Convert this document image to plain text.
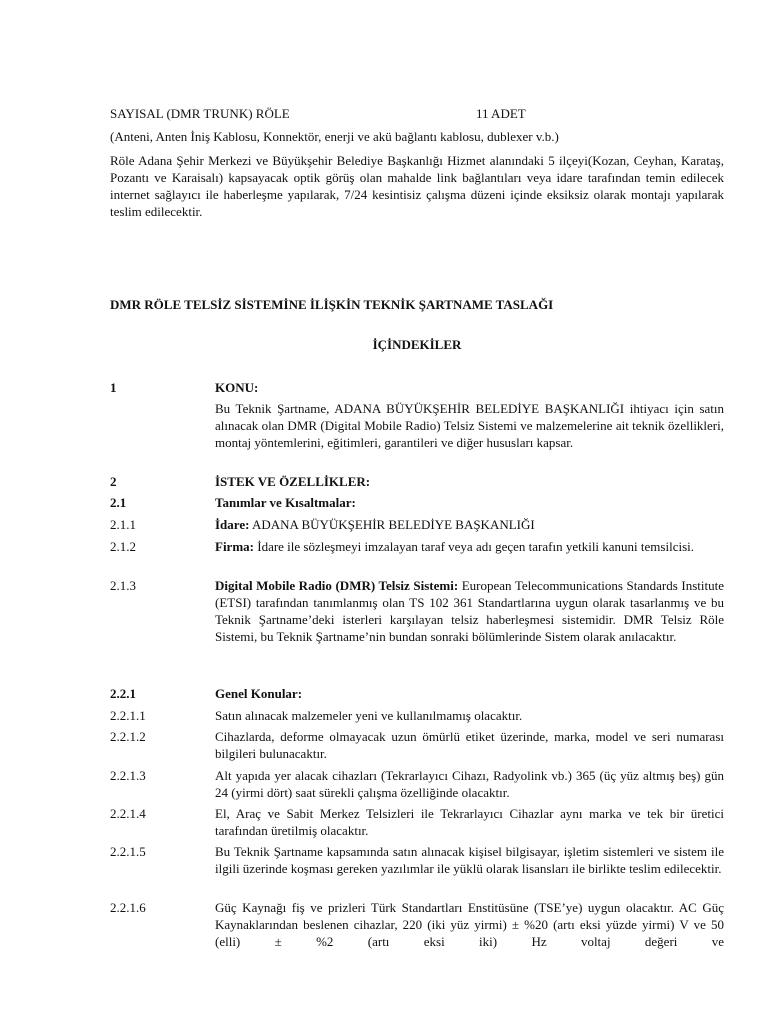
SAYISAL (DMR TRUNK) RÖLE	11 ADET
(Anteni, Anten İniş Kablosu, Konnektör, enerji ve akü bağlantı kablosu, dublexer v.b.)
Röle Adana Şehir Merkezi ve Büyükşehir Belediye Başkanlığı Hizmet alanındaki 5 ilçeyi(Kozan, Ceyhan, Karataş, Pozantı ve Karaisalı) kapsayacak optik görüş olan mahalde link bağlantıları veya idare tarafından temin edilecek internet sağlayıcı ile haberleşme yapılarak, 7/24 kesintisiz çalışma düzeni içinde eksiksiz olarak montajı yapılarak teslim edilecektir.
DMR RÖLE TELSİZ SİSTEMİNE İLİŞKİN TEKNİK ŞARTNAME TASLAĞI
İÇİNDEKİLER
1	KONU:
Bu Teknik Şartname, ADANA BÜYÜKŞEHİR BELEDİYE BAŞKANLIĞI ihtiyacı için satın alınacak olan DMR (Digital Mobile Radio) Telsiz Sistemi ve malzemelerine ait teknik özellikleri, montaj yöntemlerini, eğitimleri, garantileri ve diğer hususları kapsar.
2	İSTEK VE ÖZELLİKLER:
2.1	Tanımlar ve Kısaltmalar:
2.1.1	İdare: ADANA BÜYÜKŞEHİR BELEDİYE BAŞKANLIĞI
2.1.2	Firma: İdare ile sözleşmeyi imzalayan taraf veya adı geçen tarafın yetkili kanuni temsilcisi.
2.1.3	Digital Mobile Radio (DMR) Telsiz Sistemi: European Telecommunications Standards Institute (ETSI) tarafından tanımlanmış olan TS 102 361 Standartlarına uygun olarak tasarlanmış ve bu Teknik Şartname’deki isterleri karşılayan telsiz haberleşmesi sistemidir. DMR Telsiz Röle Sistemi, bu Teknik Şartname’nin bundan sonraki bölümlerinde Sistem olarak anılacaktır.
2.2.1	Genel Konular:
2.2.1.1	Satın alınacak malzemeler yeni ve kullanılmamış olacaktır.
2.2.1.2	Cihazlarda, deforme olmayacak uzun ömürlü etiket üzerinde, marka, model ve seri numarası bilgileri bulunacaktır.
2.2.1.3	Alt yapıda yer alacak cihazları (Tekrarlayıcı Cihazı, Radyolink vb.) 365 (üç yüz altmış beş) gün 24 (yirmi dört) saat sürekli çalışma özelliğinde olacaktır.
2.2.1.4	El, Araç ve Sabit Merkez Telsizleri ile Tekrarlayıcı Cihazlar aynı marka ve tek bir üretici tarafından üretilmiş olacaktır.
2.2.1.5	Bu Teknik Şartname kapsamında satın alınacak kişisel bilgisayar, işletim sistemleri ve sistem ile ilgili üzerinde koşması gereken yazılımlar ile yüklü olarak lisansları ile birlikte teslim edilecektir.
2.2.1.6	Güç Kaynağı fiş ve prizleri Türk Standartları Enstitüsüne (TSE’ye) uygun olacaktır. AC Güç Kaynaklarından beslenen cihazlar, 220 (iki yüz yirmi) ± %20 (artı eksi yüzde yirmi) V ve 50 (elli) ± %2 (artı eksi iki) Hz voltaj değeri ve
